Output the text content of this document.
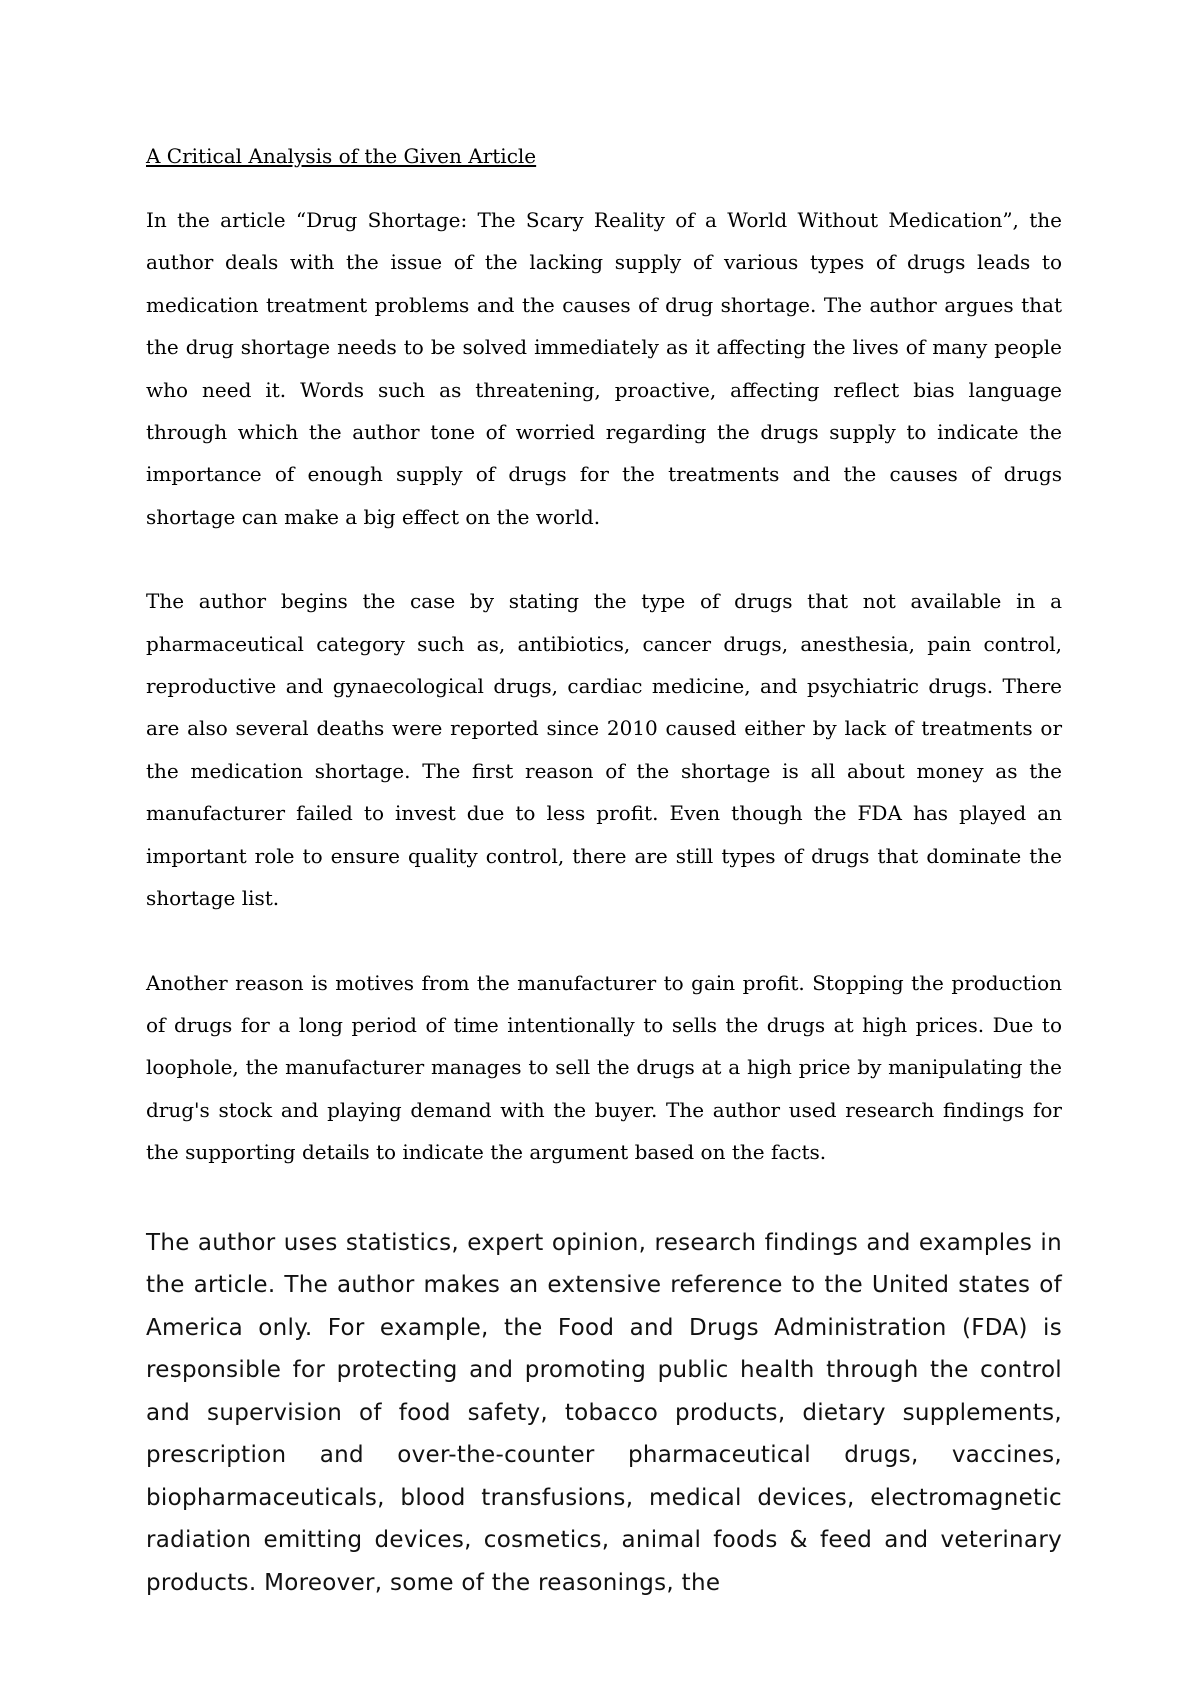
A Critical Analysis of the Given Article

In the article “Drug Shortage: The Scary Reality of a World Without Medication”, the author deals with the issue of the lacking supply of various types of drugs leads to medication treatment problems and the causes of drug shortage. The author argues that the drug shortage needs to be solved immediately as it affecting the lives of many people who need it. Words such as threatening, proactive, affecting reflect bias language through which the author tone of worried regarding the drugs supply to indicate the importance of enough supply of drugs for the treatments and the causes of drugs shortage can make a big effect on the world.

The author begins the case by stating the type of drugs that not available in a pharmaceutical category such as, antibiotics, cancer drugs, anesthesia, pain control, reproductive and gynaecological drugs, cardiac medicine, and psychiatric drugs. There are also several deaths were reported since 2010 caused either by lack of treatments or the medication shortage. The first reason of the shortage is all about money as the manufacturer failed to invest due to less profit. Even though the FDA has played an important role to ensure quality control, there are still types of drugs that dominate the shortage list.

Another reason is motives from the manufacturer to gain profit. Stopping the production of drugs for a long period of time intentionally to sells the drugs at high prices. Due to loophole, the manufacturer manages to sell the drugs at a high price by manipulating the drug's stock and playing demand with the buyer. The author used research findings for the supporting details to indicate the argument based on the facts.

The author uses statistics, expert opinion, research findings and examples in the article. The author makes an extensive reference to the United states of America only. For example, the Food and Drugs Administration (FDA) is responsible for protecting and promoting public health through the control and supervision of food safety, tobacco products, dietary supplements, prescription and over-the-counter pharmaceutical drugs, vaccines, biopharmaceuticals, blood transfusions, medical devices, electromagnetic radiation emitting devices, cosmetics, animal foods & feed and veterinary products. Moreover, some of the reasonings, the
